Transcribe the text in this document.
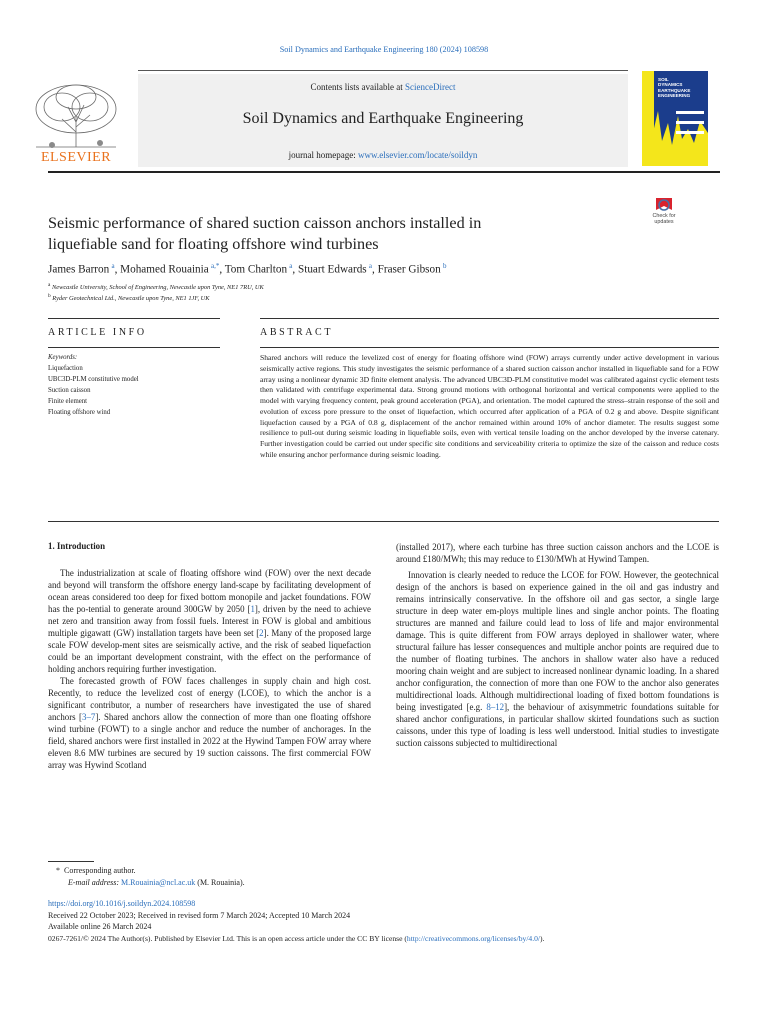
Soil Dynamics and Earthquake Engineering 180 (2024) 108598
ELSEVIER
Contents lists available at ScienceDirect
Soil Dynamics and Earthquake Engineering
journal homepage: www.elsevier.com/locate/soildyn
SOIL
DYNAMICS
EARTHQUAKE
ENGINEERING
Check for
updates
Seismic performance of shared suction caisson anchors installed in
liquefiable sand for floating offshore wind turbines
James Barron  $^a$, Mohamed Rouainia  $^{a,*}$, Tom Charlton  $^a$, Stuart Edwards  $^a$, Fraser Gibson  $^b$
$^a$ Newcastle University, School of Engineering, Newcastle upon Tyne, NE1 7RU, UK
$^b$ Ryder Geotechnical Ltd., Newcastle upon Tyne, NE1 1JF, UK
ARTICLE INFO	ABSTRACT
Keywords:
Liquefaction
UBC3D-PLM constitutive model
Suction caisson
Finite element
Floating offshore wind
Shared anchors will reduce the levelized cost of energy for floating offshore wind (FOW) arrays currently under active development in various seismically active regions. This study investigates the seismic performance of a shared suction caisson anchor installed in liquefiable sand for a FOW array using a nonlinear dynamic 3D finite element analysis. The advanced UBC3D-PLM constitutive model was calibrated against cyclic element tests then validated with centrifuge experimental data. Strong ground motions with orthogonal horizontal and vertical components were applied to the model with varying frequency content, peak ground acceleration (PGA), and orientation. The model captured the stress–strain response of the soil and evolution of excess pore pressure to the onset of liquefaction, which occurred after application of a PGA of 0.2 g and above. Despite significant liquefaction caused by a PGA of 0.8 g, displacement of the anchor remained within around 10% of anchor diameter. The results suggest some resilience to pull-out during seismic loading in liquefiable soils, even with vertical tensile loading on the anchor developed by the inverse catenary. Further investigation could be carried out under specific site conditions and serviceability criteria to optimize the size of the caisson and reduce costs while ensuring anchor performance during seismic loading.
1. Introduction

The industrialization at scale of floating offshore wind (FOW) over the next decade and beyond will transform the offshore energy land-scape by facilitating development of ocean areas considered too deep for fixed bottom monopile and jacket foundations. FOW has the po-tential to generate around 300GW by 2050 [1], driven by the need to achieve net zero and transition away from fossil fuels. Interest in FOW is global and ambitious multiple gigawatt (GW) installation targets have been set [2]. Many of the proposed large scale FOW develop-ment sites are seismically active, and the risk of seabed liquefaction could be an important development constraint, with the effect on the performance of holding anchors requiring further investigation.

The forecasted growth of FOW faces challenges in supply chain and high cost. Recently, to reduce the levelized cost of energy (LCOE), to which the anchor is a significant contributor, a number of researchers have investigated the use of shared anchors [3–7]. Shared anchors allow the connection of more than one floating offshore wind turbine (FOWT) to a single anchor and reduce the number of anchorages. In the field, shared anchors were first installed in 2022 at the Hywind Tampen FOW array where eleven 8.6 MW turbines are secured by 19 suction caissons. The first commercial FOW array was Hywind Scotland

(installed 2017), where each turbine has three suction caisson anchors and the LCOE is around £180/MWh; this may reduce to £130/MWh at Hywind Tampen.

Innovation is clearly needed to reduce the LCOE for FOW. However, the geotechnical design of the anchors is based on experience gained in the oil and gas industry and remains intrinsically conservative. In the offshore oil and gas sector, a single large structure in deep water em-ploys multiple lines and single anchor points. The floating structures are manned and failure could lead to loss of life and major environmental damage. This is quite different from FOW arrays deployed in shallower water, where structural failure has lesser consequences and multiple anchor points are required due to the number of floating turbines. The anchors in shallow water also have a reduced mooring chain weight and are subject to increased nonlinear dynamic loading. In a shared anchor configuration, the connection of more than one FOW to the anchor also generates multidirectional loads. Although multidirectional loading of fixed bottom foundations is being investigated [e.g. 8–12], the behaviour of axisymmetric foundations suitable for shared anchor configurations, in particular shallow skirted foundations such as suction caissons, under this type of loading is less well understood. Initial studies to investigate suction caissons subjected to multidirectional

*  Corresponding author.
E-mail address: M.Rouainia@ncl.ac.uk (M. Rouainia).
https://doi.org/10.1016/j.soildyn.2024.108598
Received 22 October 2023; Received in revised form 7 March 2024; Accepted 10 March 2024
Available online 26 March 2024
0267-7261/© 2024 The Author(s). Published by Elsevier Ltd. This is an open access article under the CC BY license (http://creativecommons.org/licenses/by/4.0/).
